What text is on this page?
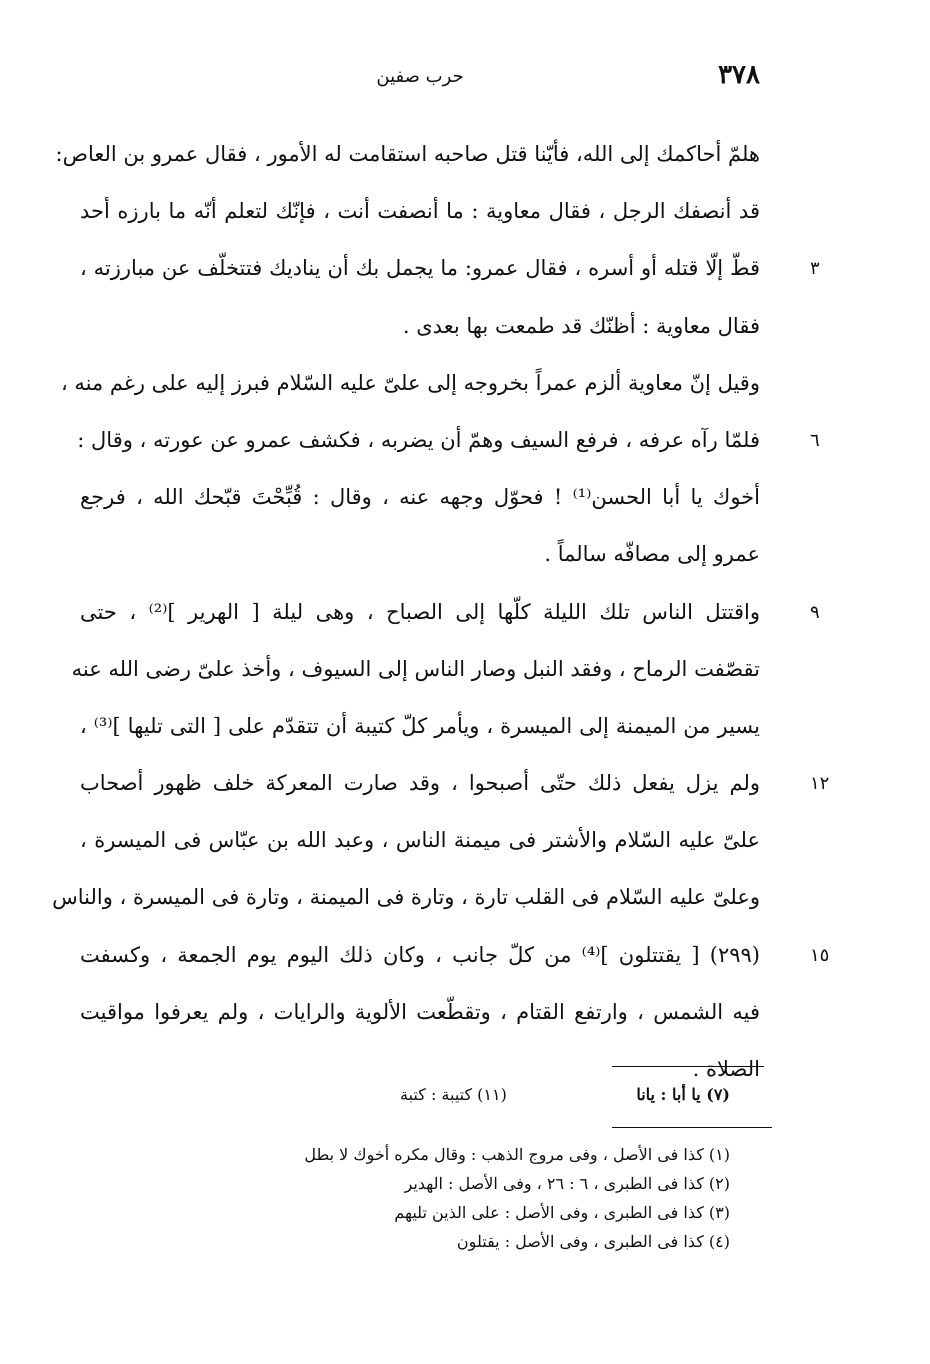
٣٧٨
حرب صفين
هلمّ أحاكمك إلى الله، فأيّنا قتل صاحبه استقامت له الأمور ، فقال عمرو بن العاص:
قد أنصفك الرجل ، فقال معاوية : ما أنصفت أنت ، فإنّك لتعلم أنّه ما بارزه أحد
قطّ إلّا قتله أو أسره ، فقال عمرو: ما يجمل بك أن يناديك فتتخلّف عن مبارزته ،	٣
فقال معاوية : أظنّك قد طمعت بها بعدى .
وقيل إنّ معاوية ألزم عمراً بخروجه إلى علىّ عليه السّلام فبرز إليه على رغم منه ،
فلمّا رآه عرفه ، فرفع السيف وهمّ أن يضربه ، فكشف عمرو عن عورته ، وقال :	٦
أخوك يا أبا الحسن⁽¹⁾ ! فحوّل وجهه عنه ، وقال : قُبِّحْتَ قبّحك الله ، فرجع
عمرو إلى مصافّه سالماً .
واقتتل الناس تلك الليلة كلّها إلى الصباح ، وهى ليلة [ الهرير ]⁽²⁾ ، حتى	٩
تقصّفت الرماح ، وفقد النبل وصار الناس إلى السيوف ، وأخذ علىّ رضى الله عنه
يسير من الميمنة إلى الميسرة ، ويأمر كلّ كتيبة أن تتقدّم على [ التى تليها ]⁽³⁾ ،
ولم يزل يفعل ذلك حتّى أصبحوا ، وقد صارت المعركة خلف ظهور أصحاب	١٢
علىّ عليه السّلام والأشتر فى ميمنة الناس ، وعبد الله بن عبّاس فى الميسرة ،
وعلىّ عليه السّلام فى القلب تارة ، وتارة فى الميمنة ، وتارة فى الميسرة ، والناس
(٢٩٩) [ يقتتلون ]⁽⁴⁾ من كلّ جانب ، وكان ذلك اليوم يوم الجمعة ، وكسفت	١٥
فيه الشمس ، وارتفع القتام ، وتقطّعت الألوية والرايات ، ولم يعرفوا مواقيت
الصلاة .
(٧) يا أبا : يانا
(١١) كتيبة : كتبة
(١) كذا فى الأصل ، وفى مروج الذهب : وقال مكره أخوك لا بطل
(٢) كذا فى الطبرى ، ٦ : ٢٦ ، وفى الأصل : الهدير
(٣) كذا فى الطبرى ، وفى الأصل : على الذين تليهم
(٤) كذا فى الطبرى ، وفى الأصل : يقتلون
